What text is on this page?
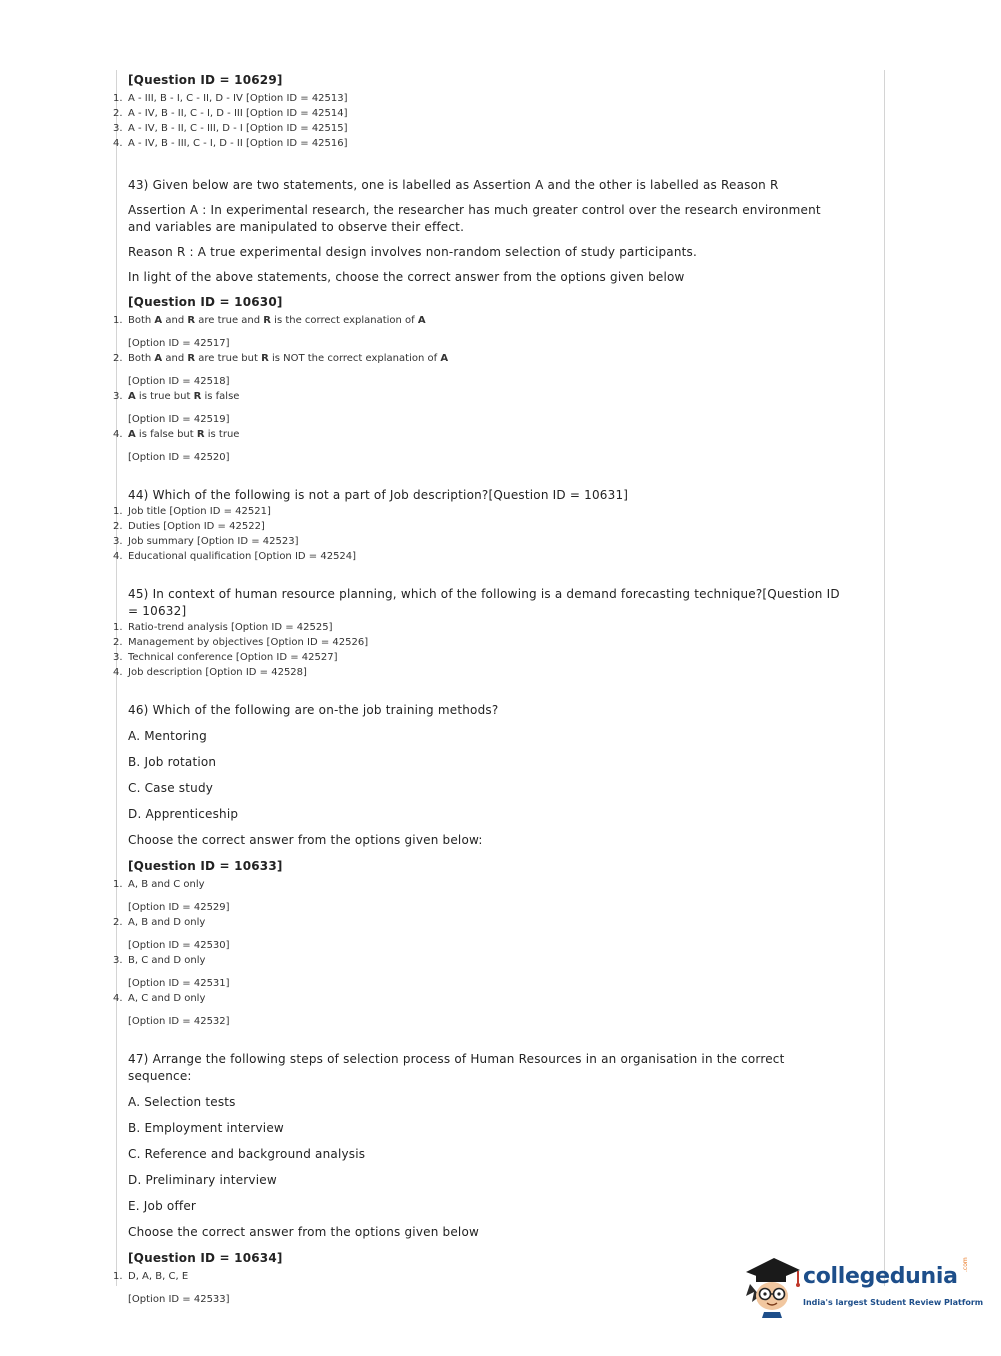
[Question ID = 10629]
1. A - III, B - I, C - II, D - IV [Option ID = 42513]
2. A - IV, B - II, C - I, D - III [Option ID = 42514]
3. A - IV, B - II, C - III, D - I [Option ID = 42515]
4. A - IV, B - III, C - I, D - II [Option ID = 42516]
43) Given below are two statements, one is labelled as Assertion A and the other is labelled as Reason R
Assertion A : In experimental research, the researcher has much greater control over the research environment and variables are manipulated to observe their effect.
Reason R : A true experimental design involves non-random selection of study participants.
In light of the above statements, choose the correct answer from the options given below
[Question ID = 10630]
1. Both A and R are true and R is the correct explanation of A
[Option ID = 42517]
2. Both A and R are true but R is NOT the correct explanation of A
[Option ID = 42518]
3. A is true but R is false
[Option ID = 42519]
4. A is false but R is true
[Option ID = 42520]
44) Which of the following is not a part of Job description?[Question ID = 10631]
1. Job title [Option ID = 42521]
2. Duties [Option ID = 42522]
3. Job summary [Option ID = 42523]
4. Educational qualification [Option ID = 42524]
45) In context of human resource planning, which of the following is a demand forecasting technique?[Question ID = 10632]
1. Ratio-trend analysis [Option ID = 42525]
2. Management by objectives [Option ID = 42526]
3. Technical conference [Option ID = 42527]
4. Job description [Option ID = 42528]
46) Which of the following are on-the job training methods?
A. Mentoring
B. Job rotation
C. Case study
D. Apprenticeship
Choose the correct answer from the options given below:
[Question ID = 10633]
1. A, B and C only
[Option ID = 42529]
2. A, B and D only
[Option ID = 42530]
3. B, C and D only
[Option ID = 42531]
4. A, C and D only
[Option ID = 42532]
47) Arrange the following steps of selection process of Human Resources in an organisation in the correct sequence:
A. Selection tests
B. Employment interview
C. Reference and background analysis
D. Preliminary interview
E. Job offer
Choose the correct answer from the options given below
[Question ID = 10634]
1. D, A, B, C, E
[Option ID = 42533]
collegedunia .com
India's largest Student Review Platform
